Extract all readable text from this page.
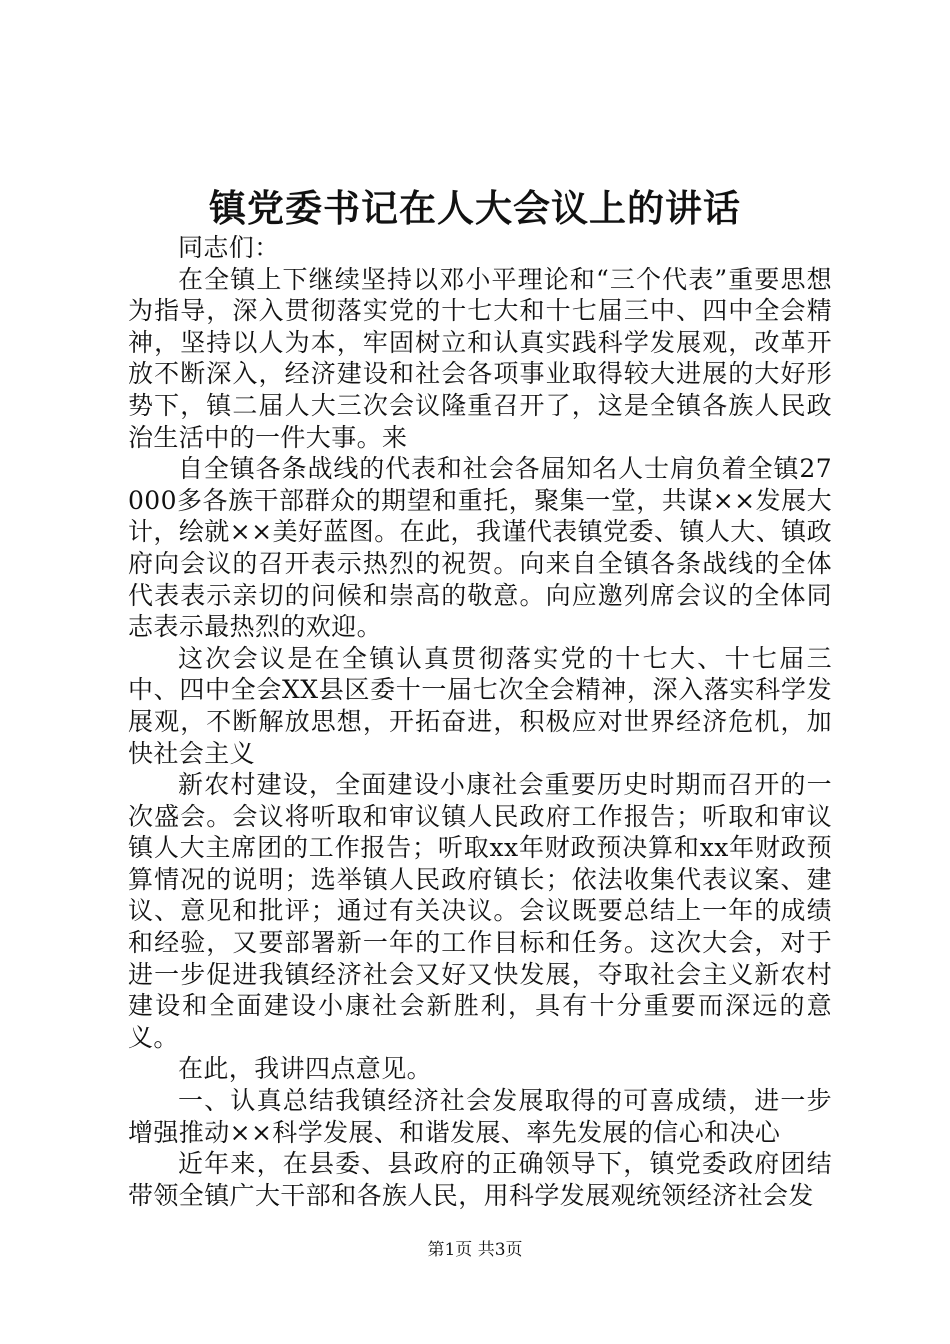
镇党委书记在人大会议上的讲话

同志们：

在全镇上下继续坚持以邓小平理论和“三个代表”重要思想为指导，深入贯彻落实党的十七大和十七届三中、四中全会精神，坚持以人为本，牢固树立和认真实践科学发展观，改革开放不断深入，经济建设和社会各项事业取得较大进展的大好形势下，镇二届人大三次会议隆重召开了，这是全镇各族人民政治生活中的一件大事。来

自全镇各条战线的代表和社会各届知名人士肩负着全镇27000多各族干部群众的期望和重托，聚集一堂，共谋××发展大计，绘就××美好蓝图。在此，我谨代表镇党委、镇人大、镇政府向会议的召开表示热烈的祝贺。向来自全镇各条战线的全体代表表示亲切的问候和崇高的敬意。向应邀列席会议的全体同志表示最热烈的欢迎。

这次会议是在全镇认真贯彻落实党的十七大、十七届三中、四中全会XX县区委十一届七次全会精神，深入落实科学发展观，不断解放思想，开拓奋进，积极应对世界经济危机，加快社会主义

新农村建设，全面建设小康社会重要历史时期而召开的一次盛会。会议将听取和审议镇人民政府工作报告；听取和审议镇人大主席团的工作报告；听取xx年财政预决算和xx年财政预算情况的说明；选举镇人民政府镇长；依法收集代表议案、建议、意见和批评；通过有关决议。会议既要总结上一年的成绩和经验，又要部署新一年的工作目标和任务。这次大会，对于进一步促进我镇经济社会又好又快发展，夺取社会主义新农村建设和全面建设小康社会新胜利，具有十分重要而深远的意义。

在此，我讲四点意见。

一、认真总结我镇经济社会发展取得的可喜成绩，进一步增强推动××科学发展、和谐发展、率先发展的信心和决心

近年来，在县委、县政府的正确领导下，镇党委政府团结带领全镇广大干部和各族人民，用科学发展观统领经济社会发

第1页 共3页
